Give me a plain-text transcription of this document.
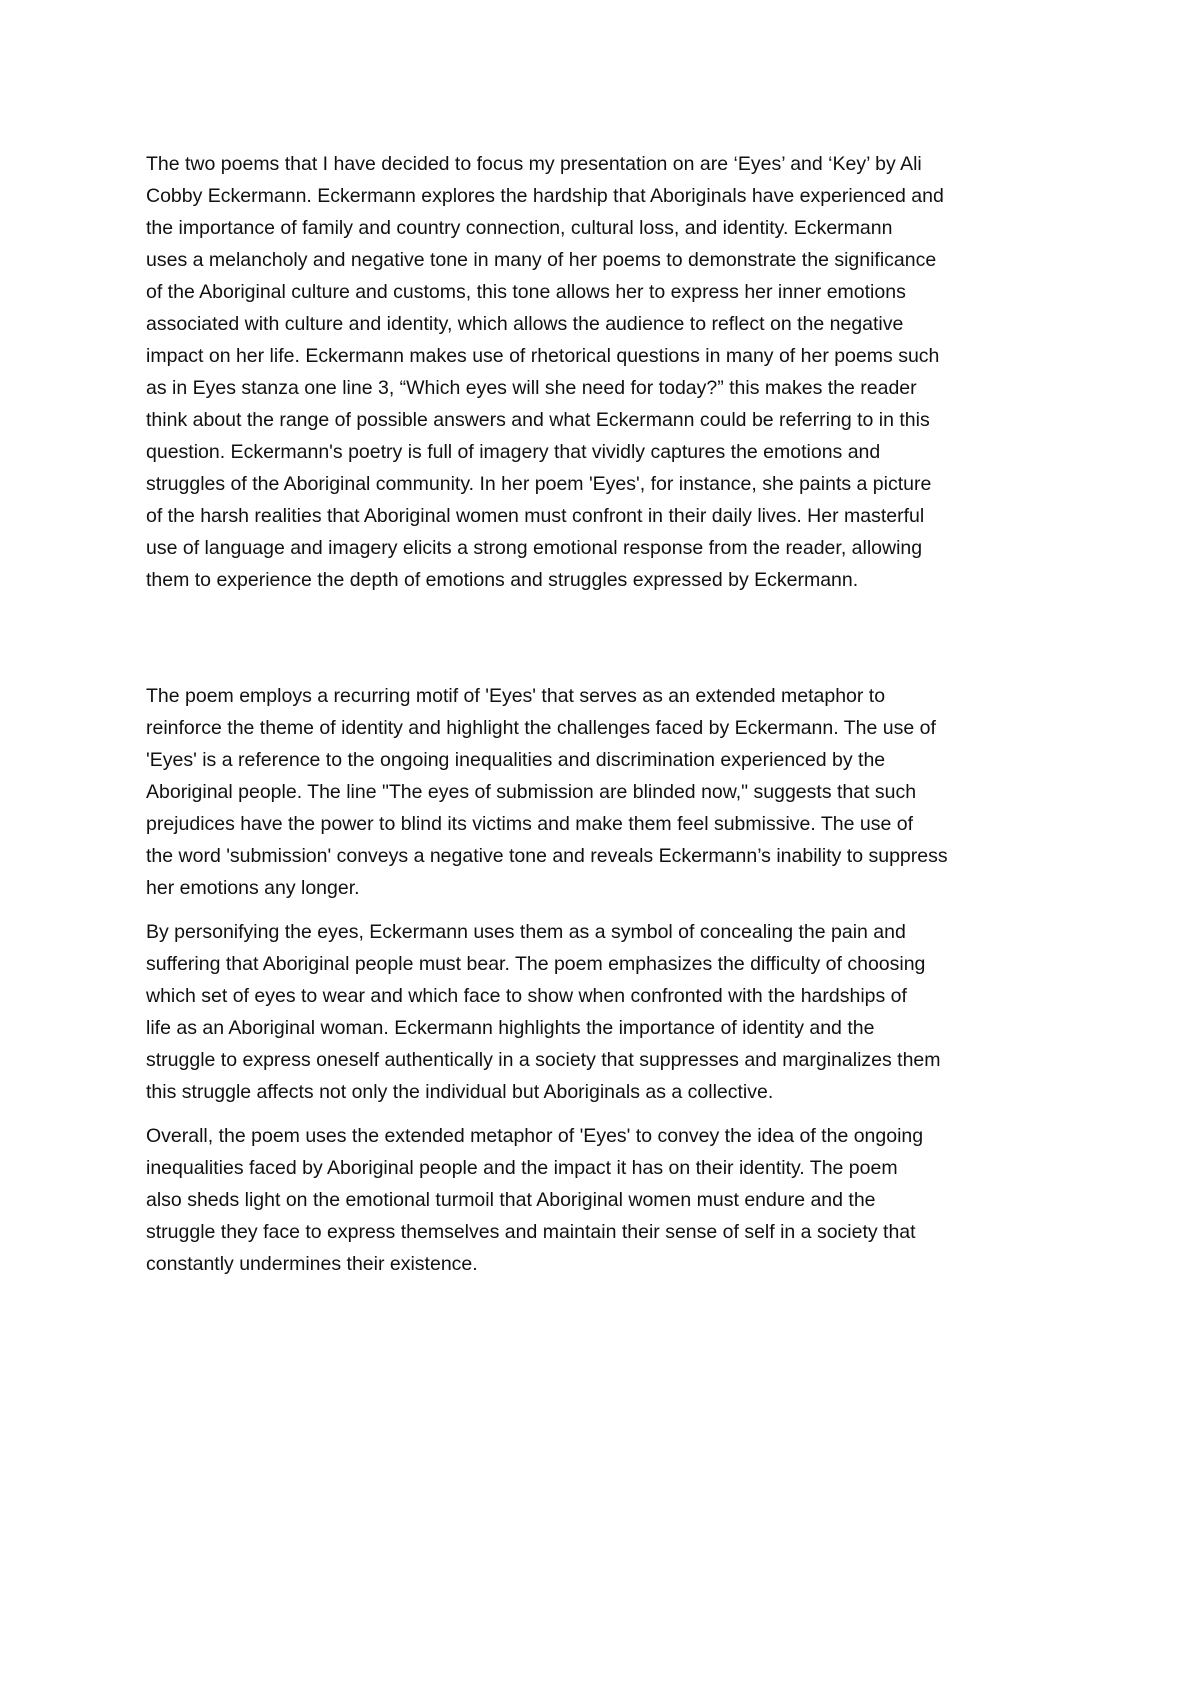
The two poems that I have decided to focus my presentation on are ‘Eyes’ and ‘Key’ by Ali
Cobby Eckermann. Eckermann explores the hardship that Aboriginals have experienced and
the importance of family and country connection, cultural loss, and identity. Eckermann
uses a melancholy and negative tone in many of her poems to demonstrate the significance
of the Aboriginal culture and customs, this tone allows her to express her inner emotions
associated with culture and identity, which allows the audience to reflect on the negative
impact on her life. Eckermann makes use of rhetorical questions in many of her poems such
as in Eyes stanza one line 3, “Which eyes will she need for today?” this makes the reader
think about the range of possible answers and what Eckermann could be referring to in this
question. Eckermann's poetry is full of imagery that vividly captures the emotions and
struggles of the Aboriginal community. In her poem 'Eyes', for instance, she paints a picture
of the harsh realities that Aboriginal women must confront in their daily lives. Her masterful
use of language and imagery elicits a strong emotional response from the reader, allowing
them to experience the depth of emotions and struggles expressed by Eckermann.

The poem employs a recurring motif of 'Eyes' that serves as an extended metaphor to
reinforce the theme of identity and highlight the challenges faced by Eckermann. The use of
'Eyes' is a reference to the ongoing inequalities and discrimination experienced by the
Aboriginal people. The line "The eyes of submission are blinded now," suggests that such
prejudices have the power to blind its victims and make them feel submissive. The use of
the word 'submission' conveys a negative tone and reveals Eckermann’s inability to suppress
her emotions any longer.

By personifying the eyes, Eckermann uses them as a symbol of concealing the pain and
suffering that Aboriginal people must bear. The poem emphasizes the difficulty of choosing
which set of eyes to wear and which face to show when confronted with the hardships of
life as an Aboriginal woman. Eckermann highlights the importance of identity and the
struggle to express oneself authentically in a society that suppresses and marginalizes them
this struggle affects not only the individual but Aboriginals as a collective.

Overall, the poem uses the extended metaphor of 'Eyes' to convey the idea of the ongoing
inequalities faced by Aboriginal people and the impact it has on their identity. The poem
also sheds light on the emotional turmoil that Aboriginal women must endure and the
struggle they face to express themselves and maintain their sense of self in a society that
constantly undermines their existence.
